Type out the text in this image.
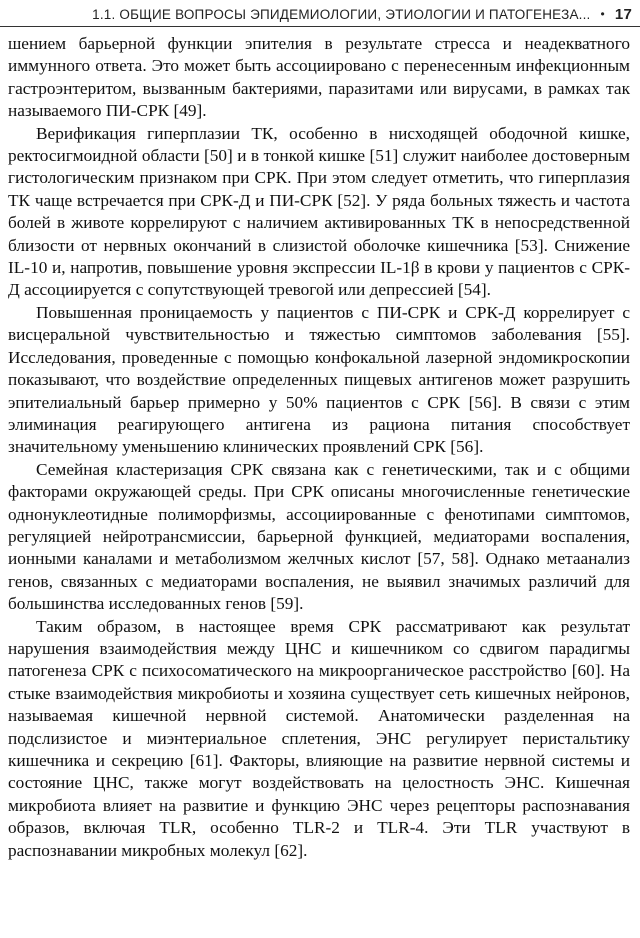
1.1. ОБЩИЕ ВОПРОСЫ ЭПИДЕМИОЛОГИИ, ЭТИОЛОГИИ И ПАТОГЕНЕЗА... • 17

шением барьерной функции эпителия в результате стресса и неадекватного иммунного ответа. Это может быть ассоциировано с перенесенным инфекционным гастроэнтеритом, вызванным бактериями, паразитами или вирусами, в рамках так называемого ПИ-СРК [49].

Верификация гиперплазии ТК, особенно в нисходящей ободочной кишке, ректосигмоидной области [50] и в тонкой кишке [51] служит наиболее достоверным гистологическим признаком при СРК. При этом следует отметить, что гиперплазия ТК чаще встречается при СРК-Д и ПИ-СРК [52]. У ряда больных тяжесть и частота болей в животе коррелируют с наличием активированных ТК в непосредственной близости от нервных окончаний в слизистой оболочке кишечника [53]. Снижение IL-10 и, напротив, повышение уровня экспрессии IL-1β в крови у пациентов с СРК-Д ассоциируется с сопутствующей тревогой или депрессией [54].

Повышенная проницаемость у пациентов с ПИ-СРК и СРК-Д коррелирует с висцеральной чувствительностью и тяжестью симптомов заболевания [55]. Исследования, проведенные с помощью конфокальной лазерной эндомикроскопии показывают, что воздействие определенных пищевых антигенов может разрушить эпителиальный барьер примерно у 50% пациентов с СРК [56]. В связи с этим элиминация реагирующего антигена из рациона питания способствует значительному уменьшению клинических проявлений СРК [56].

Семейная кластеризация СРК связана как с генетическими, так и с общими факторами окружающей среды. При СРК описаны многочисленные генетические однонуклеотидные полиморфизмы, ассоциированные с фенотипами симптомов, регуляцией нейротрансмиссии, барьерной функцией, медиаторами воспаления, ионными каналами и метаболизмом желчных кислот [57, 58]. Однако метаанализ генов, связанных с медиаторами воспаления, не выявил значимых различий для большинства исследованных генов [59].

Таким образом, в настоящее время СРК рассматривают как результат нарушения взаимодействия между ЦНС и кишечником со сдвигом парадигмы патогенеза СРК с психосоматического на микроорганическое расстройство [60]. На стыке взаимодействия микробиоты и хозяина существует сеть кишечных нейронов, называемая кишечной нервной системой. Анатомически разделенная на подслизистое и миэнтериальное сплетения, ЭНС регулирует перистальтику кишечника и секрецию [61]. Факторы, влияющие на развитие нервной системы и состояние ЦНС, также могут воздействовать на целостность ЭНС. Кишечная микробиота влияет на развитие и функцию ЭНС через рецепторы распознавания образов, включая TLR, особенно TLR-2 и TLR-4. Эти TLR участвуют в распознавании микробных молекул [62].
